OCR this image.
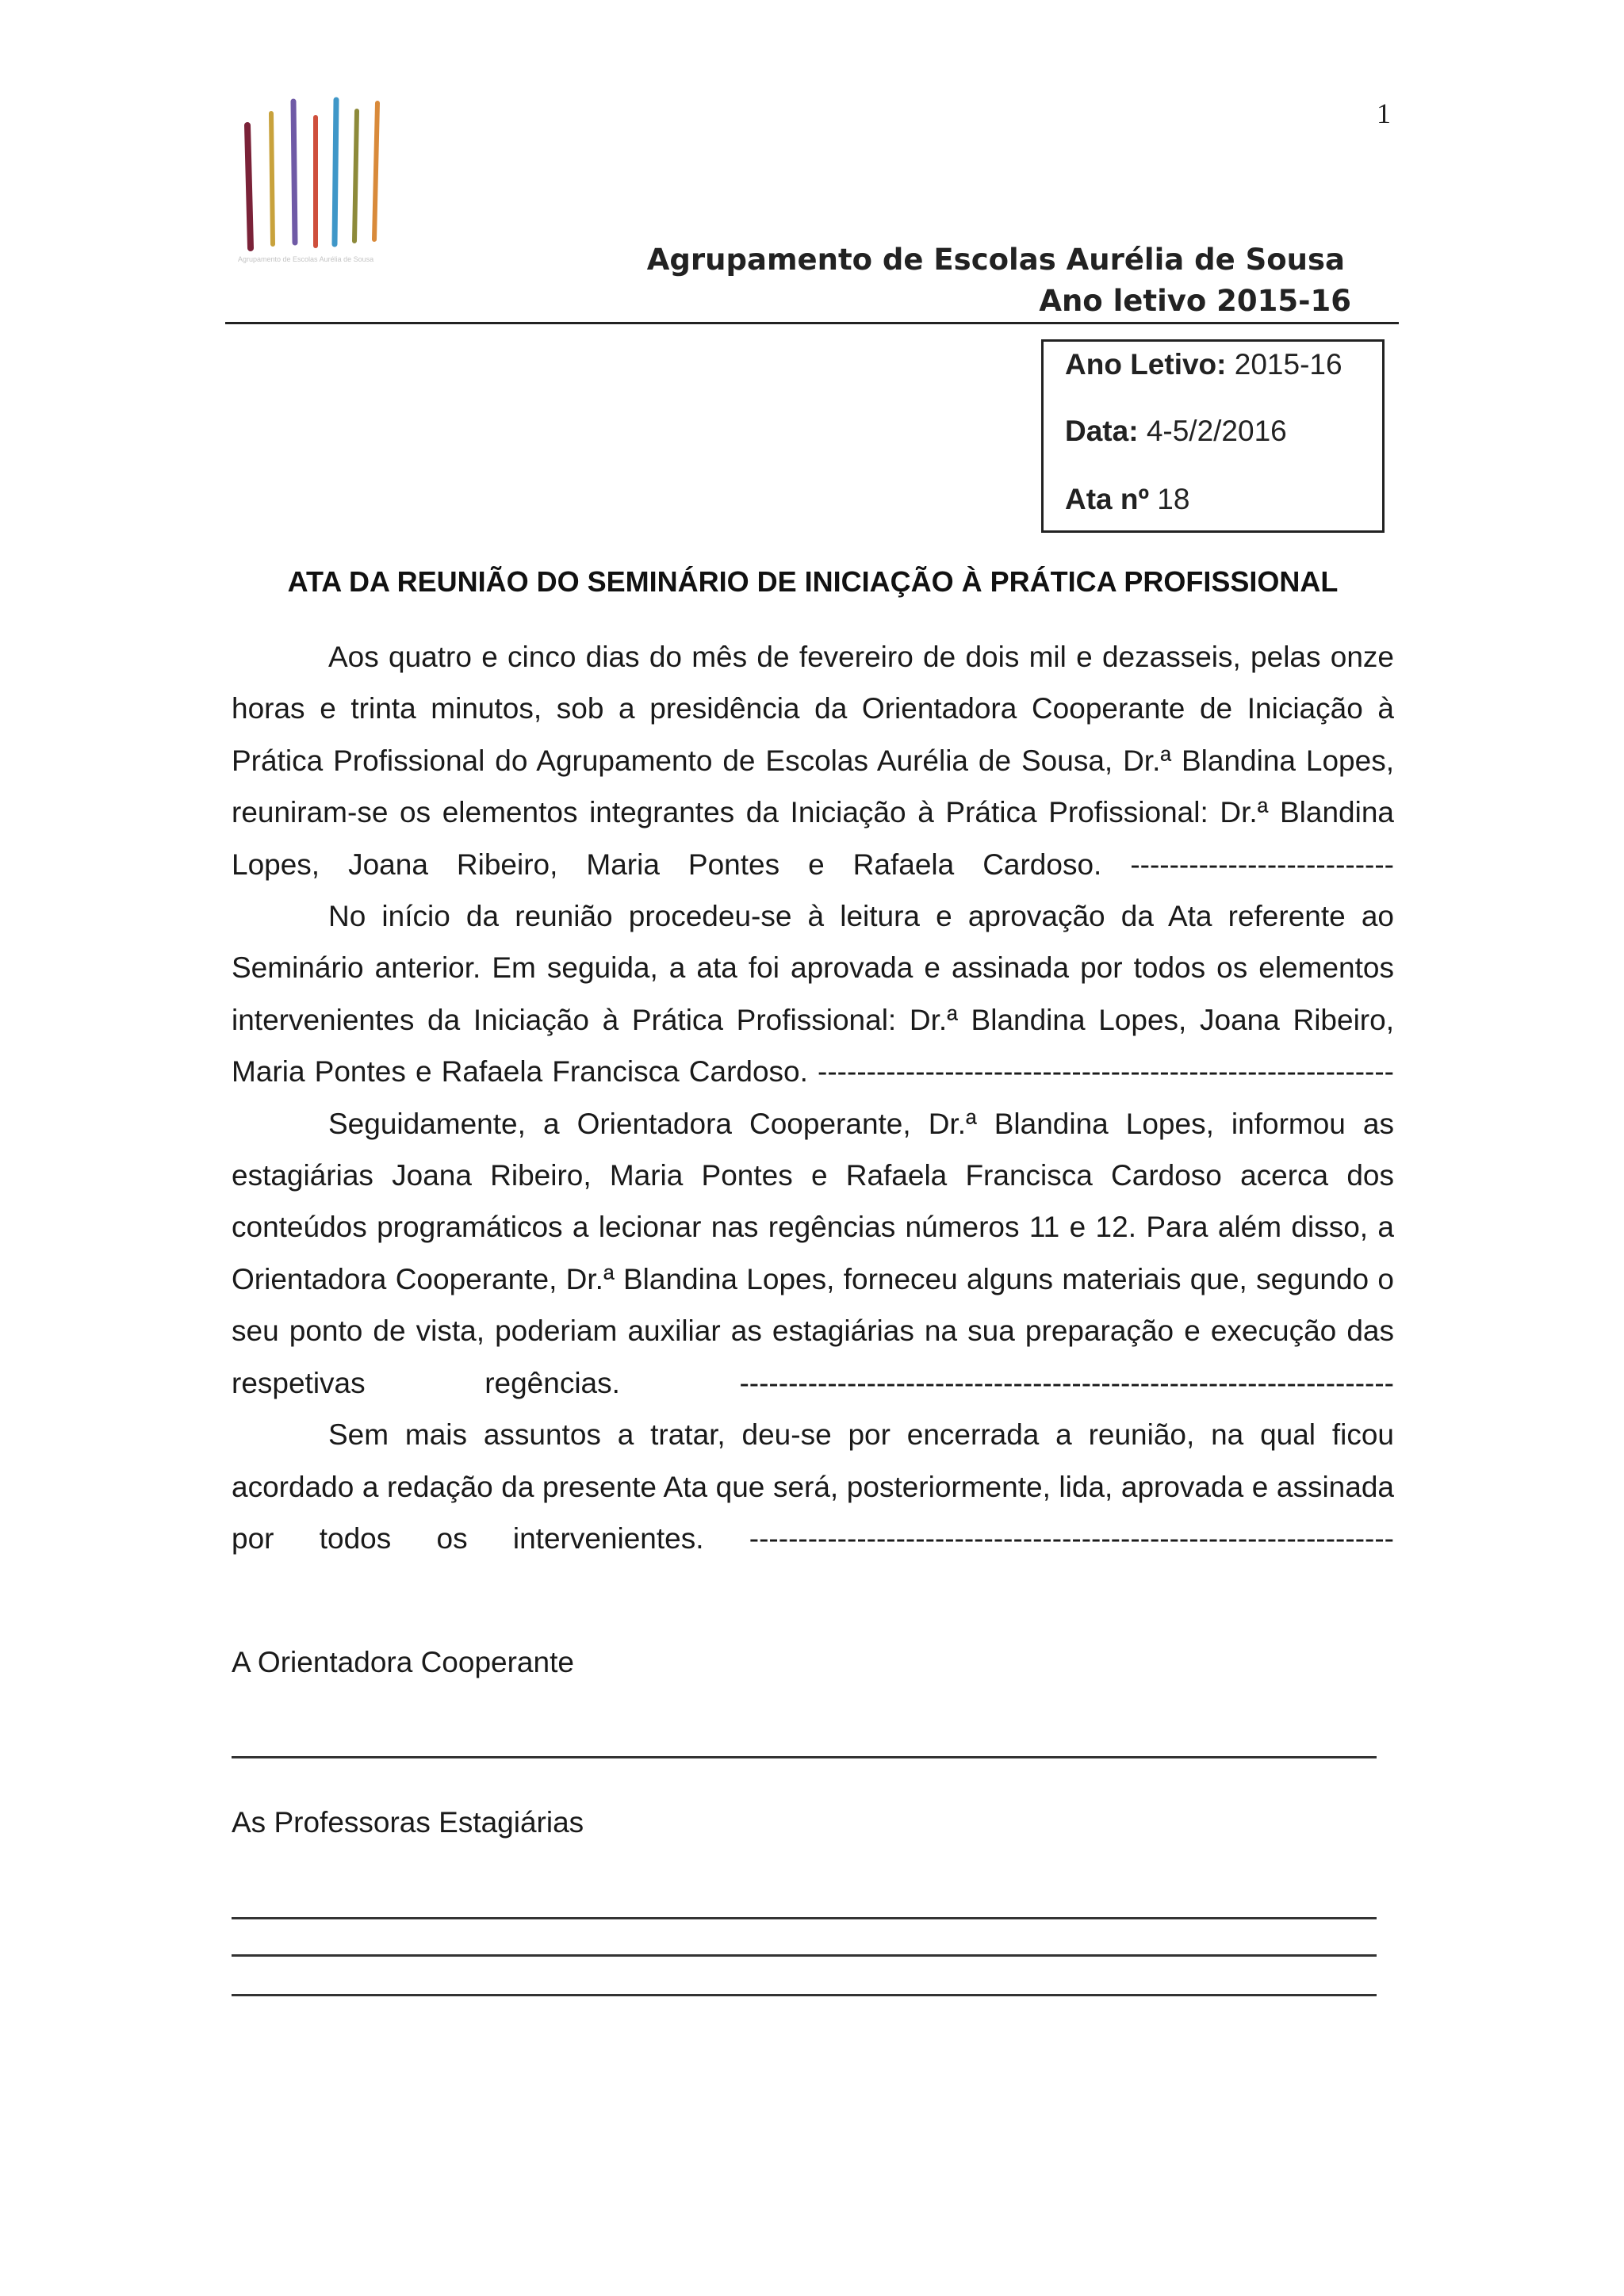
1
Agrupamento de Escolas Aurélia de Sousa	Agrupamento de Escolas Aurélia de Sousa
Ano letivo 2015-16
Ano Letivo: 2015-16
Data: 4-5/2/2016
Ata nº 18
ATA DA REUNIÃO DO SEMINÁRIO DE INICIAÇÃO À PRÁTICA PROFISSIONAL

Aos quatro e cinco dias do mês de fevereiro de dois mil e dezasseis, pelas onze horas e trinta minutos, sob a presidência da Orientadora Cooperante de Iniciação à Prática Profissional do Agrupamento de Escolas Aurélia de Sousa, Dr.ª Blandina Lopes, reuniram-se os elementos integrantes da Iniciação à Prática Profissional: Dr.ª Blandina Lopes, Joana Ribeiro, Maria Pontes e Rafaela Cardoso. ---------------------------

No início da reunião procedeu-se à leitura e aprovação da Ata referente ao Seminário anterior. Em seguida, a ata foi aprovada e assinada por todos os elementos intervenientes da Iniciação à Prática Profissional: Dr.ª Blandina Lopes, Joana Ribeiro, Maria Pontes e Rafaela Francisca Cardoso. -----------------------------------------------------------

Seguidamente, a Orientadora Cooperante, Dr.ª Blandina Lopes, informou as estagiárias Joana Ribeiro, Maria Pontes e Rafaela Francisca Cardoso acerca dos conteúdos programáticos a lecionar nas regências números 11 e 12. Para além disso, a Orientadora Cooperante, Dr.ª Blandina Lopes, forneceu alguns materiais que, segundo o seu ponto de vista, poderiam auxiliar as estagiárias na sua preparação e execução das respetivas regências. -------------------------------------------------------------------

Sem mais assuntos a tratar, deu-se por encerrada a reunião, na qual ficou acordado a redação da presente Ata que será, posteriormente, lida, aprovada e assinada por todos os intervenientes. ------------------------------------------------------------------

A Orientadora Cooperante
As Professoras Estagiárias
